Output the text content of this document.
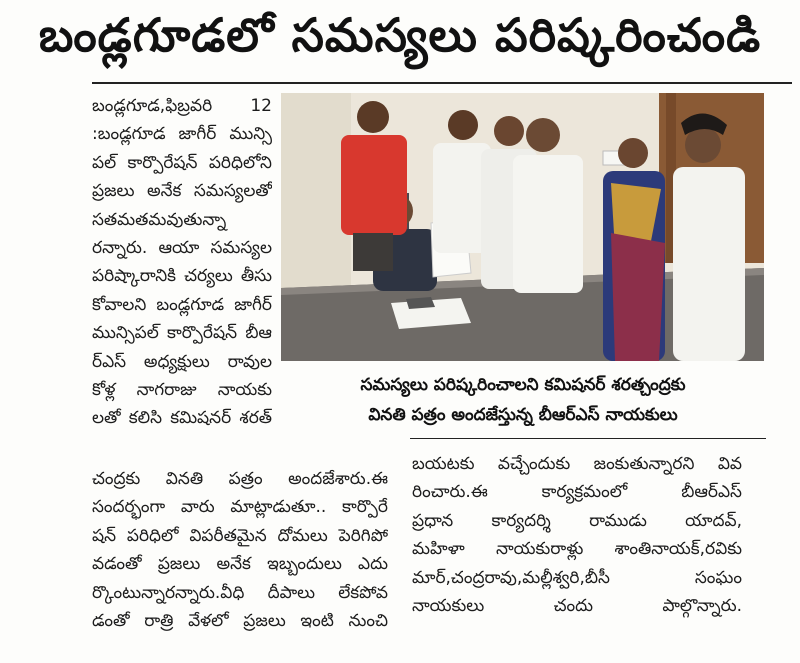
బండ్లగూడలో సమస్యలు పరిష్కరించండి
బండ్లగూడ,ఫిబ్రవరి 12
:బండ్లగూడ జాగీర్ మున్సి
పల్ కార్పొరేషన్ పరిధిలోని
ప్రజలు అనేక సమస్యలతో
సతమతమవుతున్నా
రన్నారు. ఆయా సమస్యల
పరిష్కారానికి చర్యలు తీసు
కోవాలని బండ్లగూడ జాగీర్
మున్సిపల్ కార్పొరేషన్ బీఆ
ర్ఎస్ అధ్యక్షులు రావుల
కోళ్ల నాగరాజు నాయకు
లతో కలిసి కమిషనర్ శరత్
సమస్యలు పరిష్కరించాలని కమిషనర్ శరత్చంద్రకు
వినతి పత్రం అందజేస్తున్న బీఆర్ఎస్ నాయకులు
చంద్రకు వినతి పత్రం అందజేశారు.ఈ
సందర్భంగా వారు మాట్లాడుతూ.. కార్పొరే
షన్ పరిధిలో విపరీతమైన దోమలు పెరిగిపో
వడంతో ప్రజలు అనేక ఇబ్బందులు ఎదు
ర్కొంటున్నారన్నారు.వీధి దీపాలు లేకపోవ
డంతో రాత్రి వేళలో ప్రజలు ఇంటి నుంచి
బయటకు వచ్చేందుకు జంకుతున్నారని వివ
రించారు.ఈ కార్యక్రమంలో బీఆర్ఎస్
ప్రధాన కార్యదర్శి రాముడు యాదవ్,
మహిళా నాయకురాళ్లు శాంతినాయక్,రవికు
మార్,చంద్రరావు,మల్లీశ్వరి,బీసీ సంఘం
నాయకులు చందు పాల్గొన్నారు.
